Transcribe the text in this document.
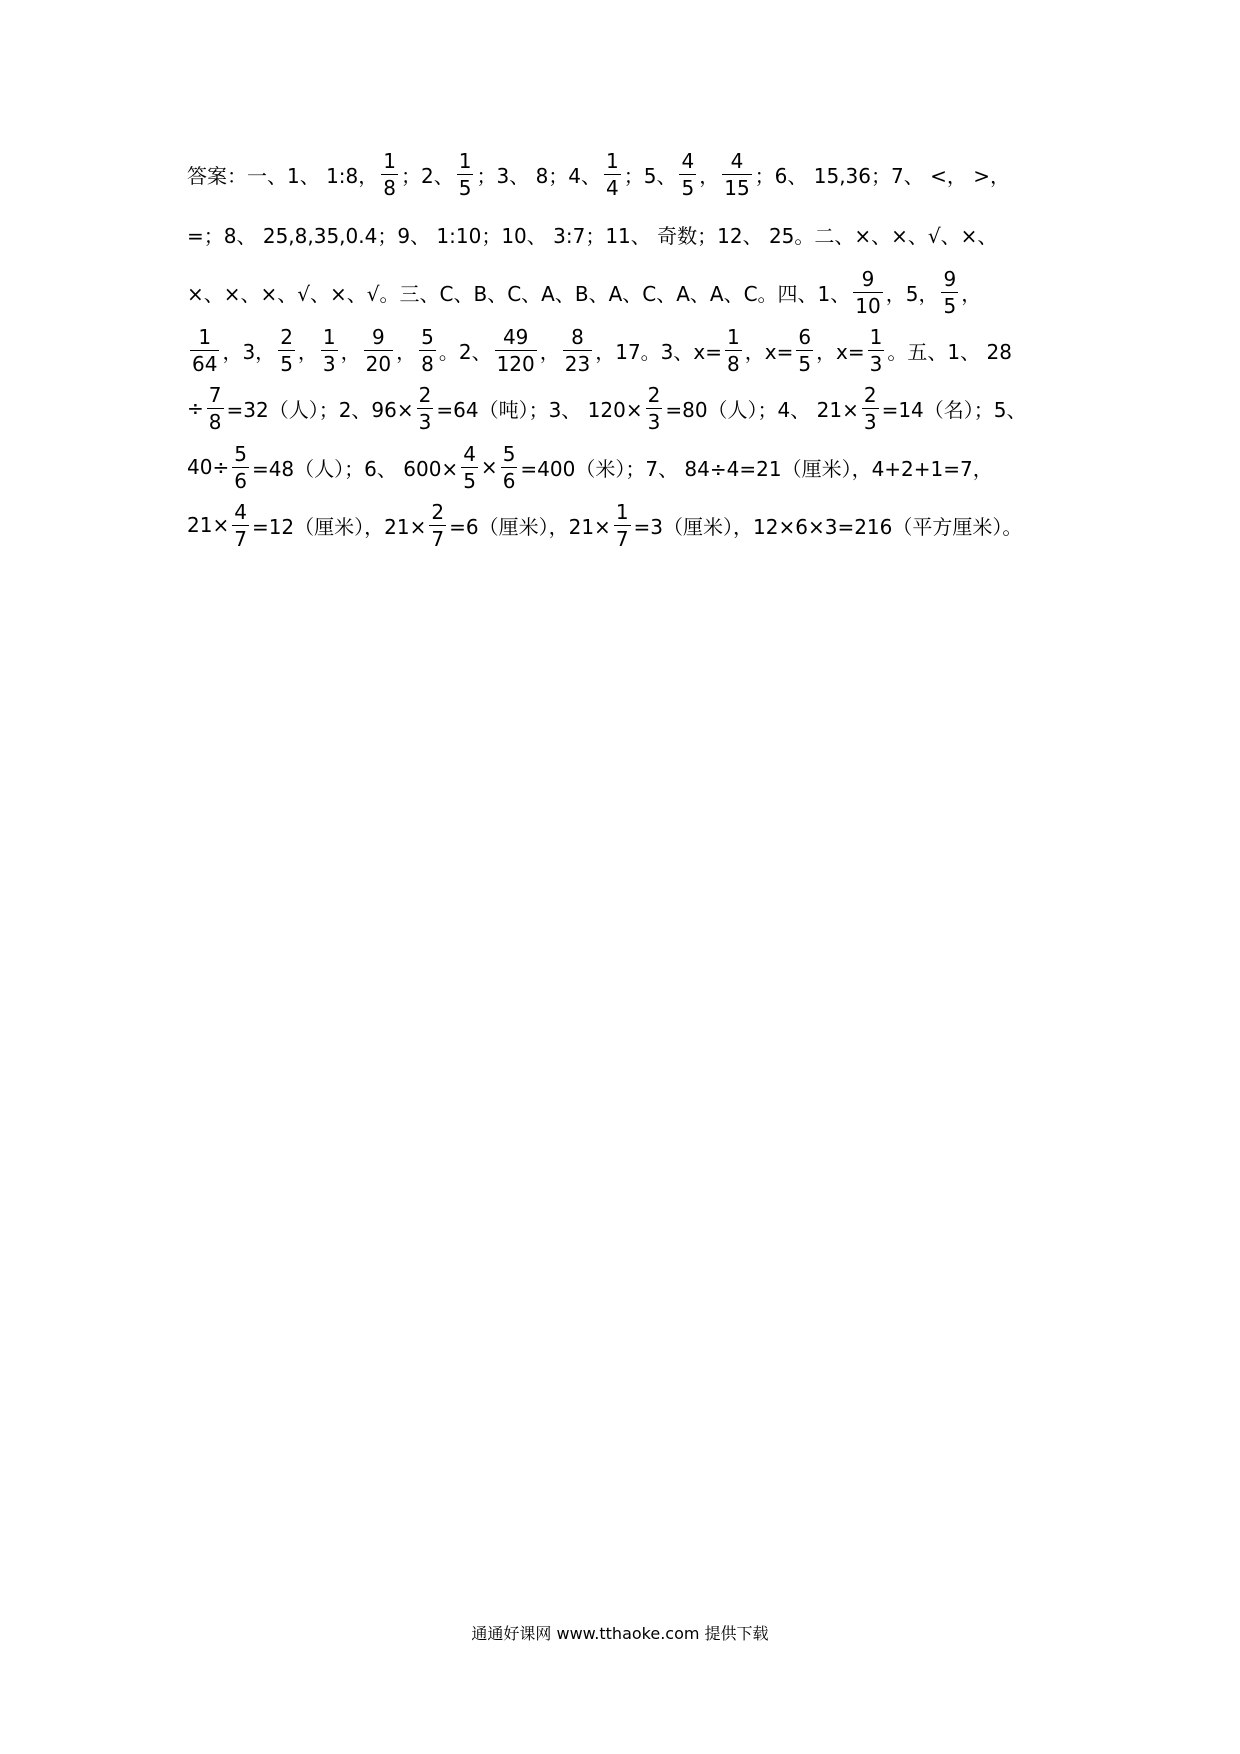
答案：一、1、 1:8， $\frac{1}{8}$ ；2、 $\frac{1}{5}$ ；3、 8；4、 $\frac{1}{4}$ ；5、 $\frac{4}{5}$ ， $\frac{4}{15}$ ；6、 15,36；7、 <， >，
=；8、 25,8,35,0.4；9、 1:10；10、 3:7；11、 奇数；12、 25。二、×、×、√、×、
×、×、×、√、×、√。三、C、B、C、A、B、A、C、A、A、C。四、1、 $\frac{9}{10}$ ，5， $\frac{9}{5}$ ，
$\frac{1}{64}$ ，3， $\frac{2}{5}$ ， $\frac{1}{3}$ ， $\frac{9}{20}$ ， $\frac{5}{8}$ 。2、 $\frac{49}{120}$ ， $\frac{8}{23}$ ，17。3、$x= \frac{1}{8}$ ，$x= \frac{6}{5}$ ，$x= \frac{1}{3}$ 。五、1、 28
÷ $\frac{7}{8} =32$（人）；2、$96\times \frac{2}{3} =64$（吨）；3、 $120\times \frac{2}{3} =80$（人）；4、 $21\times \frac{2}{3} =14$（名）；5、
$40\div \frac{5}{6} =48$（人）；6、 $600\times \frac{4}{5} \times \frac{5}{6} =400$（米）；7、 84÷4=21（厘米），4+2+1=7，
$21\times \frac{4}{7} =12$（厘米），$21\times \frac{2}{7} =6$（厘米），$21\times \frac{1}{7} =3$（厘米），12×6×3=216（平方厘米）。
通通好课网 www.tthaoke.com 提供下载
